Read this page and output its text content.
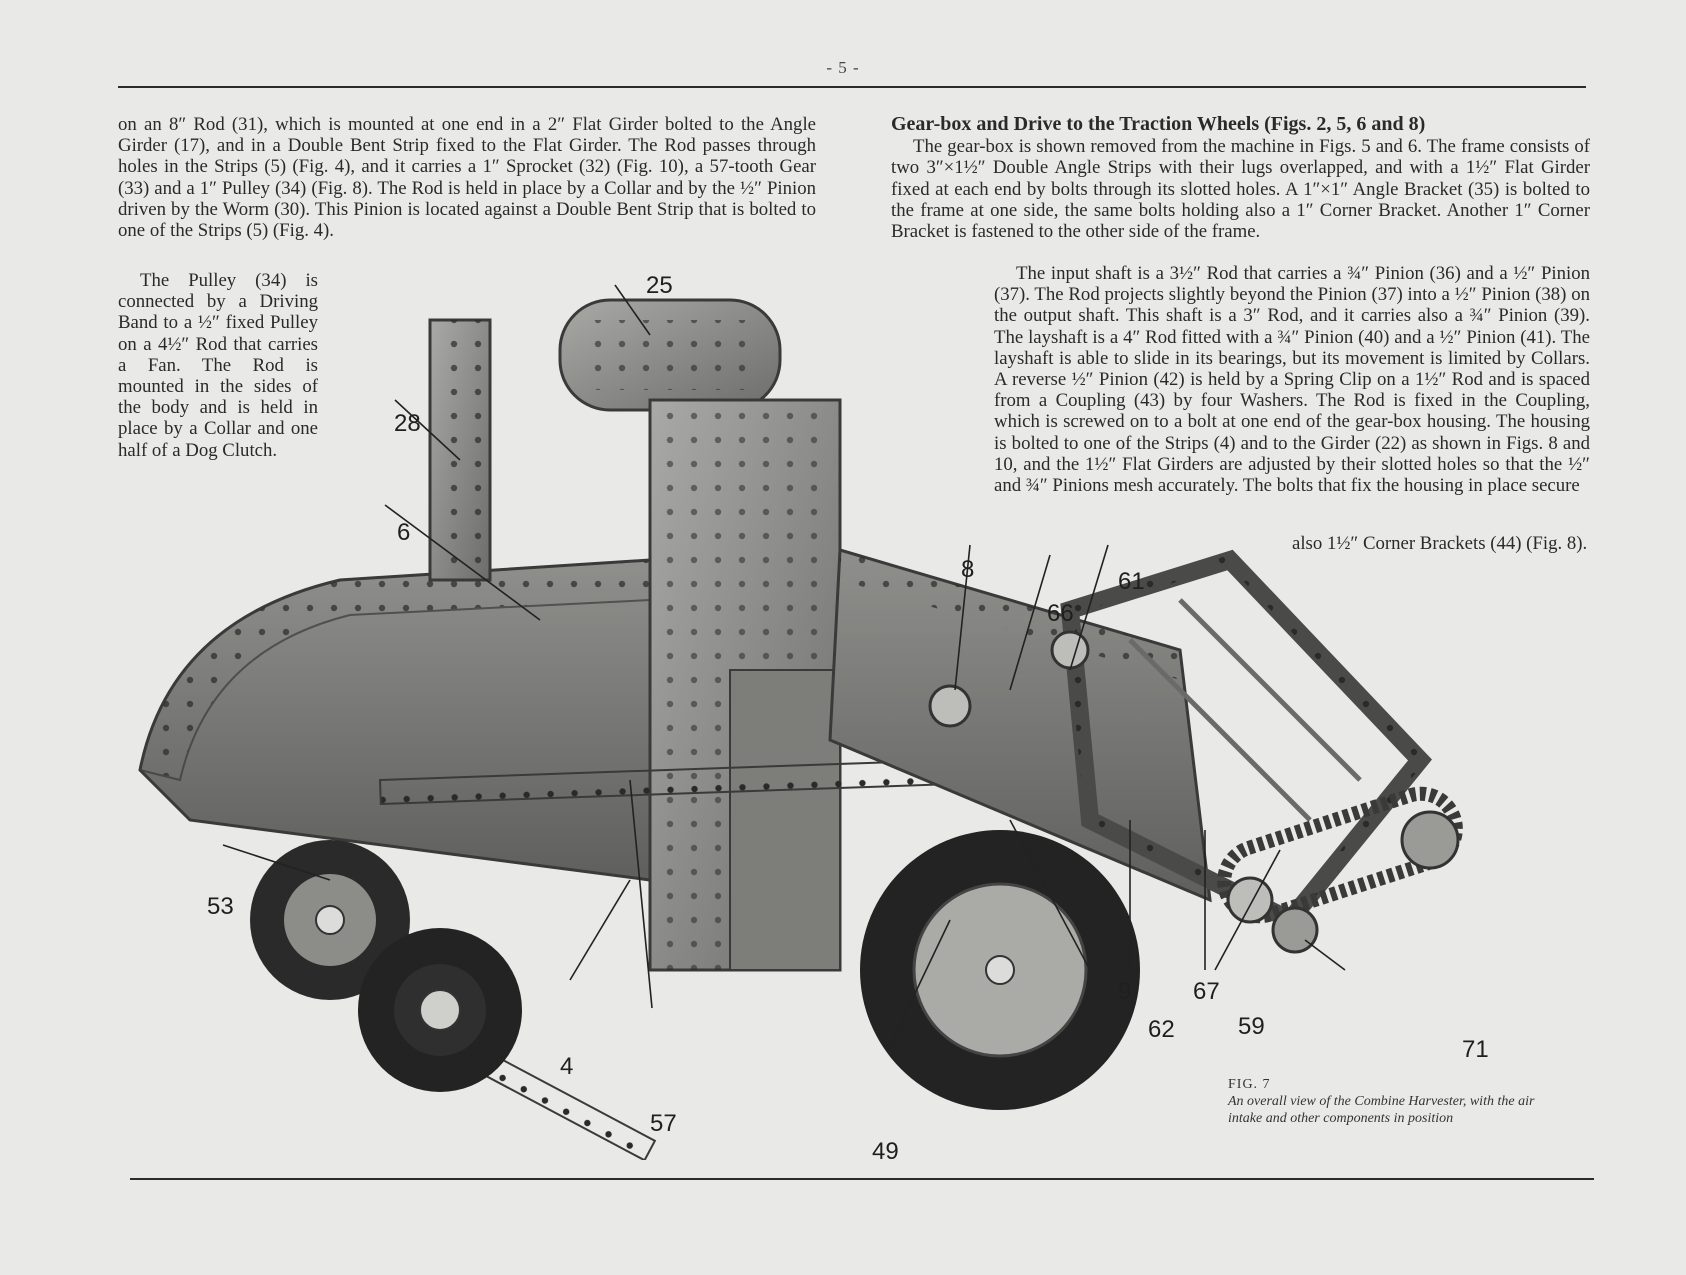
- 5 -

on an 8″ Rod (31), which is mounted at one end in a 2″ Flat Girder bolted to the Angle Girder (17), and in a Double Bent Strip fixed to the Flat Girder. The Rod passes through holes in the Strips (5) (Fig. 4), and it carries a 1″ Sprocket (32) (Fig. 10), a 57-tooth Gear (33) and a 1″ Pulley (34) (Fig. 8). The Rod is held in place by a Collar and by the ½″ Pinion driven by the Worm (30). This Pinion is located against a Double Bent Strip that is bolted to one of the Strips (5) (Fig. 4).

The Pulley (34) is connected by a Driving Band to a ½″ fixed Pulley on a 4½″ Rod that carries a Fan. The Rod is mounted in the sides of the body and is held in place by a Collar and one half of a Dog Clutch.

Gear-box and Drive to the Traction Wheels (Figs. 2, 5, 6 and 8)

The gear-box is shown removed from the machine in Figs. 5 and 6. The frame consists of two 3″×1½″ Double Angle Strips with their lugs overlapped, and with a 1½″ Flat Girder fixed at each end by bolts through its slotted holes. A 1″×1″ Angle Bracket (35) is bolted to the frame at one side, the same bolts holding also a 1″ Corner Bracket. Another 1″ Corner Bracket is fastened to the other side of the frame.

The input shaft is a 3½″ Rod that carries a ¾″ Pinion (36) and a ½″ Pinion (37). The Rod projects slightly beyond the Pinion (37) into a ½″ Pinion (38) on the output shaft. This shaft is a 3″ Rod, and it carries also a ¾″ Pinion (39). The layshaft is a 4″ Rod fitted with a ¾″ Pinion (40) and a ½″ Pinion (41). The layshaft is able to slide in its bearings, but its movement is limited by Collars. A reverse ½″ Pinion (42) is held by a Spring Clip on a 1½″ Rod and is spaced from a Coupling (43) by four Washers. The Rod is fixed in the Coupling, which is screwed on to a bolt at one end of the gear-box housing. The housing is bolted to one of the Strips (4) and to the Girder (22) as shown in Figs. 8 and 10, and the 1½″ Flat Girders are adjusted by their slotted holes so that the ½″ and ¾″ Pinions mesh accurately. The bolts that fix the housing in place secure

also 1½″ Corner Brackets (44) (Fig. 8).

25
28
6
8	61
66
53
4
57
49
9	67
62	59
71
FIG. 7
An overall view of the Combine Harvester, with the air intake and other components in position
